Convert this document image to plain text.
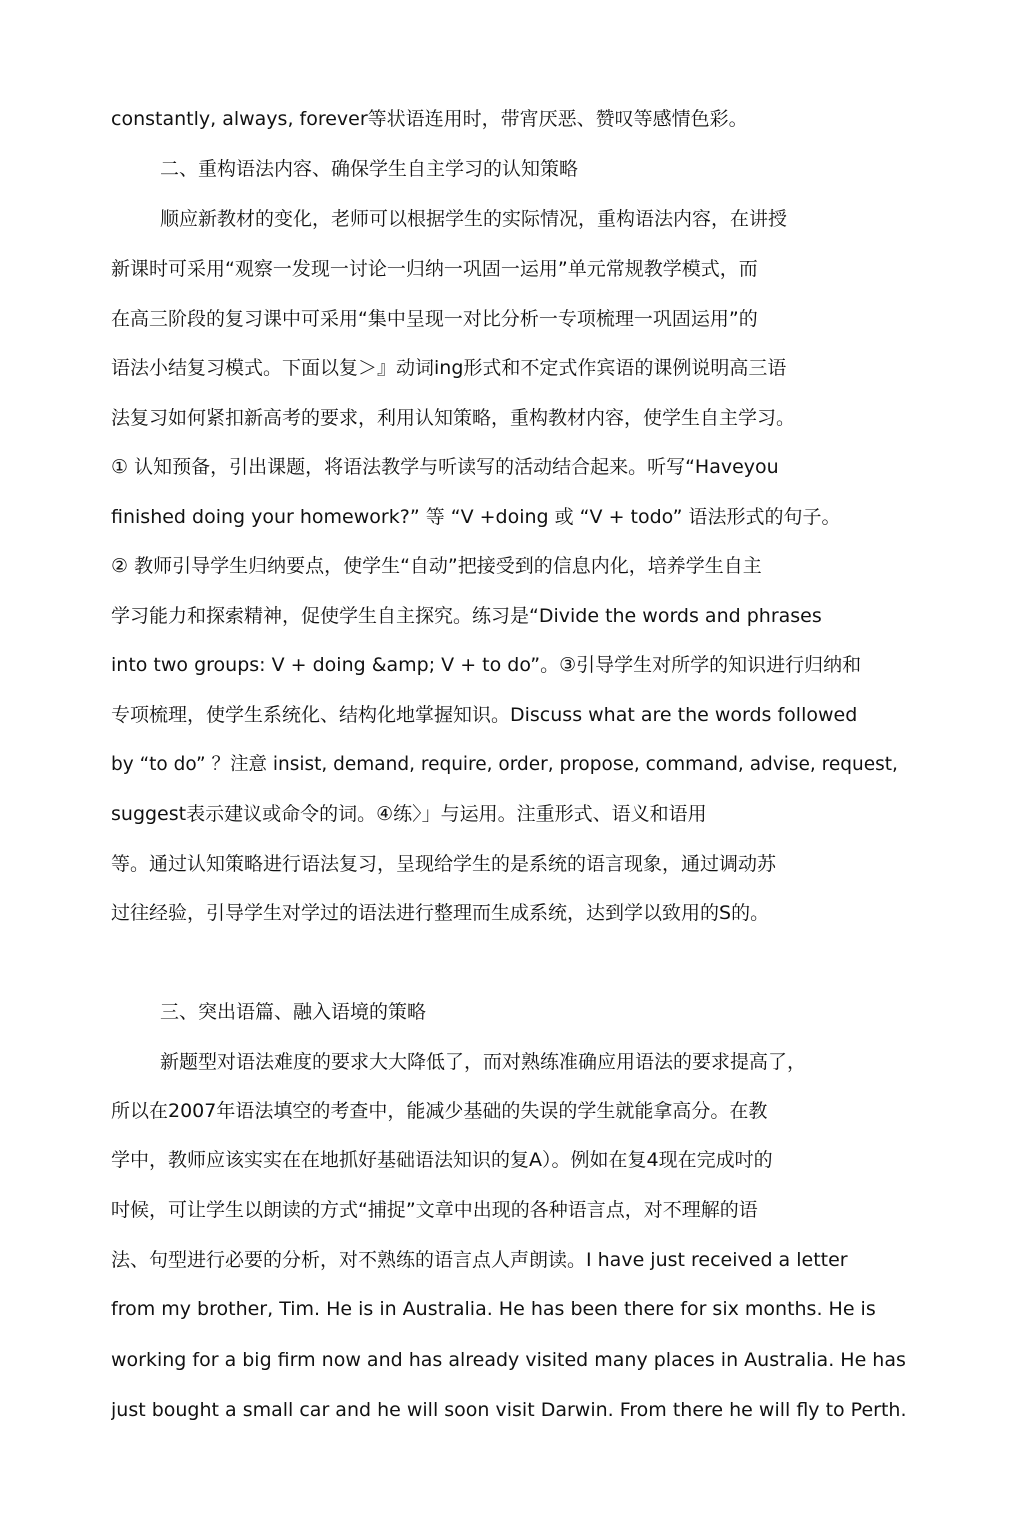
constantly, always, forever等状语连用时，带宵厌恶、赞叹等感情色彩。
二、重构语法内容、确保学生自主学习的认知策略
顺应新教材的变化，老师可以根据学生的实际情况，重构语法内容，在讲授
新课时可采用“观察一发现一讨论一归纳一巩固一运用”单元常规教学模式，而
在高三阶段的复习课中可采用“集中呈现一对比分析一专项梳理一巩固运用”的
语法小结复习模式。下面以复＞』动词ing形式和不定式作宾语的课例说明高三语
法复习如何紧扣新高考的要求，利用认知策略，重构教材内容，使学生自主学习。
① 认知预备，引出课题，将语法教学与听读写的活动结合起来。听写“Haveyou
finished doing your homework?” 等 “V +doing 或 “V + todo” 语法形式的句子。
② 教师引导学生归纳要点，使学生“自动”把接受到的信息内化，培养学生自主
学习能力和探索精神，促使学生自主探究。练习是“Divide the words and phrases
into two groups: V + doing &amp; V + to do”。③引导学生对所学的知识进行归纳和
专项梳理，使学生系统化、结构化地掌握知识。Discuss what are the words followed
by “to do” ？注意 insist, demand, require, order, propose, command, advise, request,
suggest表示建议或命令的词。④练〉」与运用。注重形式、语义和语用
等。通过认知策略进行语法复习，呈现给学生的是系统的语言现象，通过调动苏
过往经验，引导学生对学过的语法进行整理而生成系统，达到学以致用的S的。
三、突出语篇、融入语境的策略
新题型对语法难度的要求大大降低了，而对熟练准确应用语法的要求提高了，
所以在2007年语法填空的考查中，能减少基础的失误的学生就能拿高分。在教
学中，教师应该实实在在地抓好基础语法知识的复A）。例如在复4现在完成吋的
吋候，可让学生以朗读的方式“捕捉”文章中出现的各种语言点，对不理解的语
法、句型进行必要的分析，对不熟练的语言点人声朗读。I have just received a letter
from my brother, Tim. He is in Australia. He has been there for six months. He is
working for a big firm now and has already visited many places in Australia. He has
just bought a small car and he will soon visit Darwin. From there he will fly to Perth.
